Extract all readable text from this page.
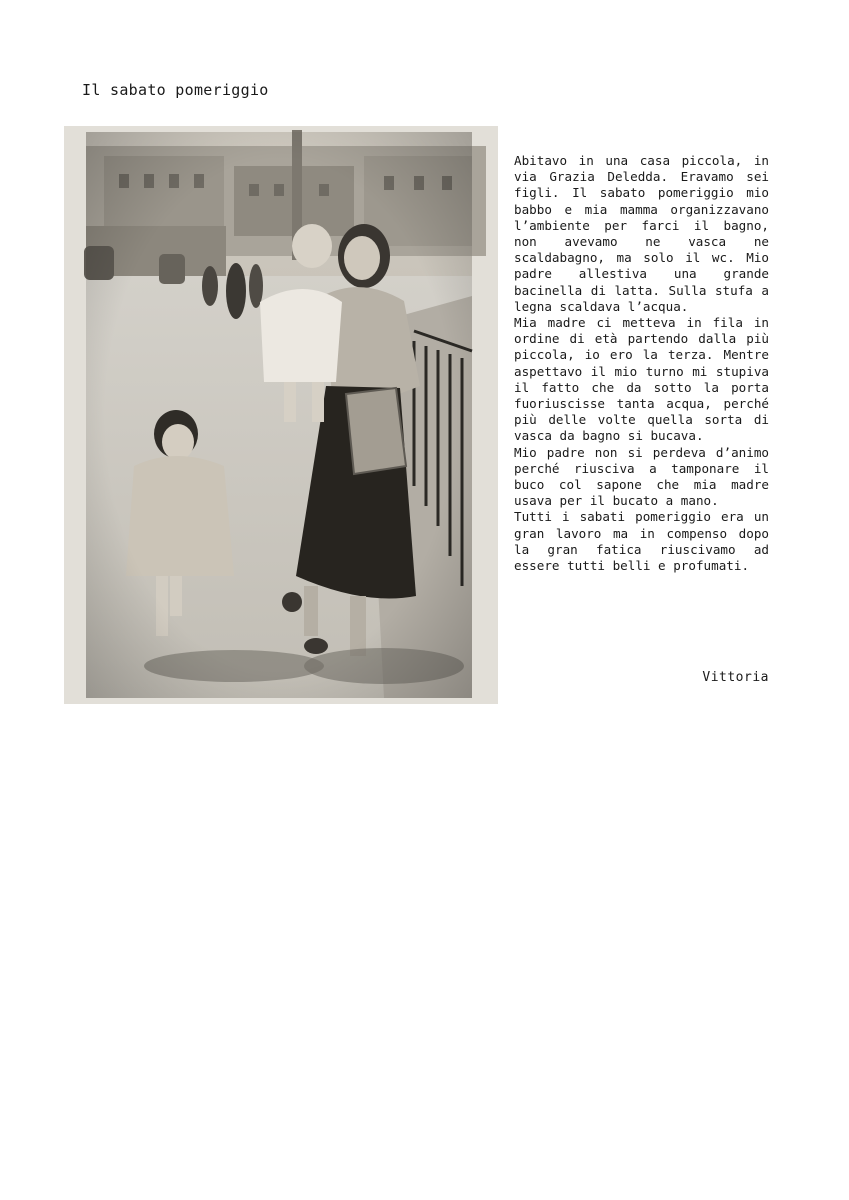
Il sabato pomeriggio

Abitavo in una casa piccola, in via Grazia Deledda. Eravamo sei figli. Il sabato pomeriggio mio babbo e mia mamma organizzavano l’ambiente per farci il bagno, non avevamo ne vasca ne scaldabagno, ma solo il wc. Mio padre allestiva una grande bacinella di latta. Sulla stufa a legna scaldava l’acqua.

Mia madre ci metteva in fila in ordine di età partendo dalla più piccola, io ero la terza. Mentre aspettavo il mio turno mi stupiva il fatto che da sotto la porta fuoriuscisse tanta acqua, perché più delle volte quella sorta di vasca da bagno si bucava.

Mio padre non si perdeva d’animo perché riusciva a tamponare il buco col sapone che mia madre usava per il bucato a mano.

Tutti i sabati pomeriggio era un gran lavoro ma in compenso dopo la gran fatica riuscivamo ad essere tutti belli e profumati.

Vittoria
